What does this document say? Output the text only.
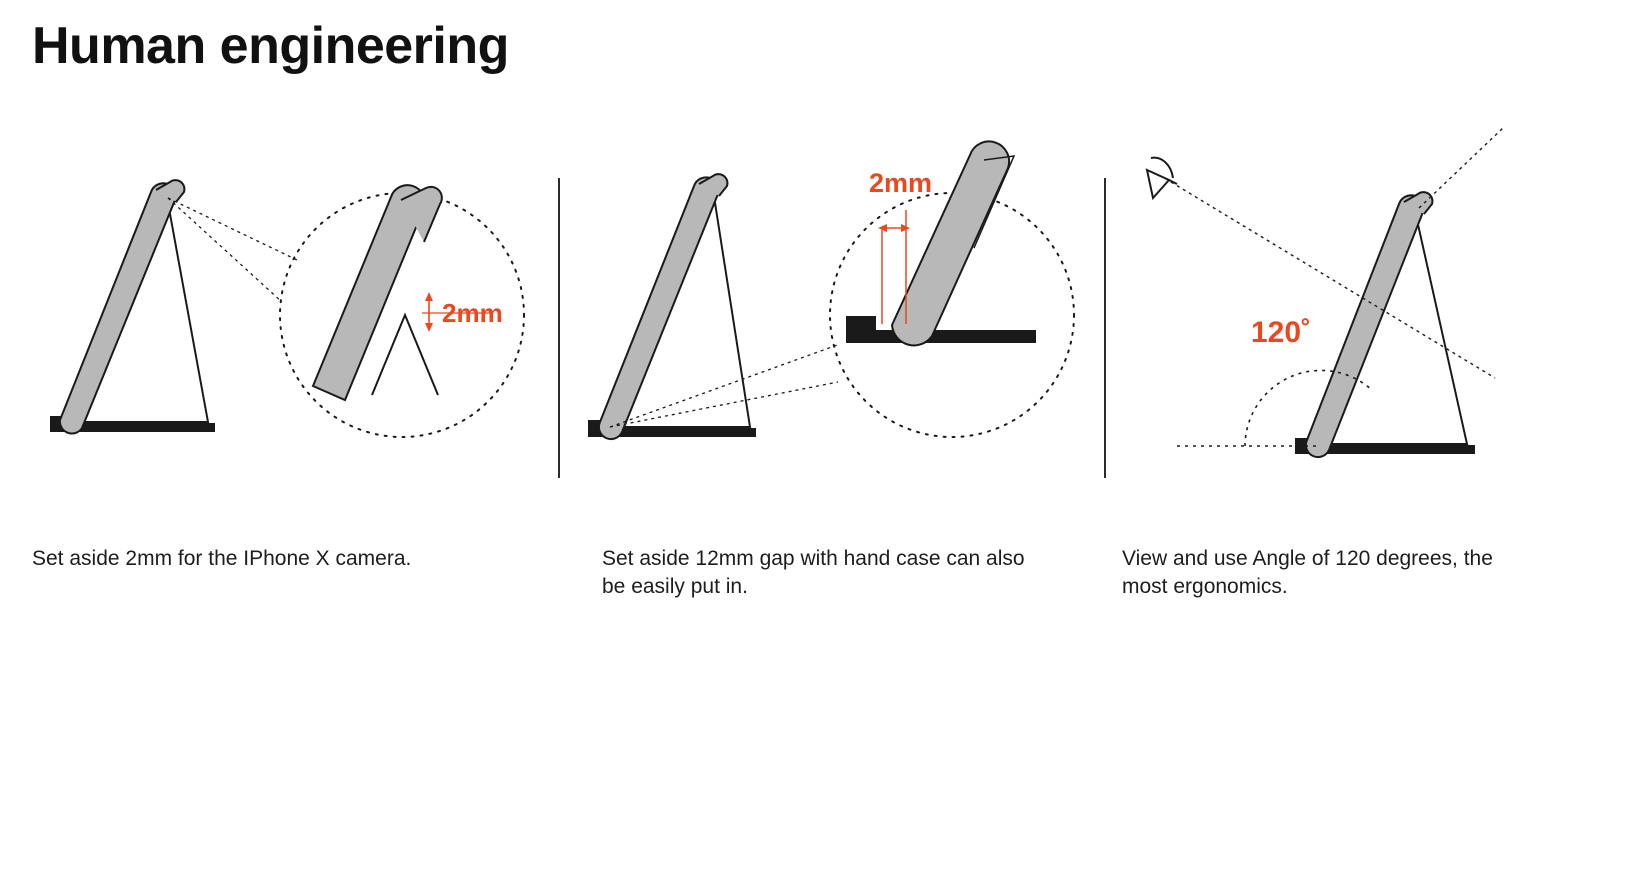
Human engineering
2mm
2mm
120˚
Set aside 2mm for the IPhone X camera.	Set aside 12mm gap with hand case can also be easily put in.
View and use Angle of 120 degrees, the most ergonomics.
